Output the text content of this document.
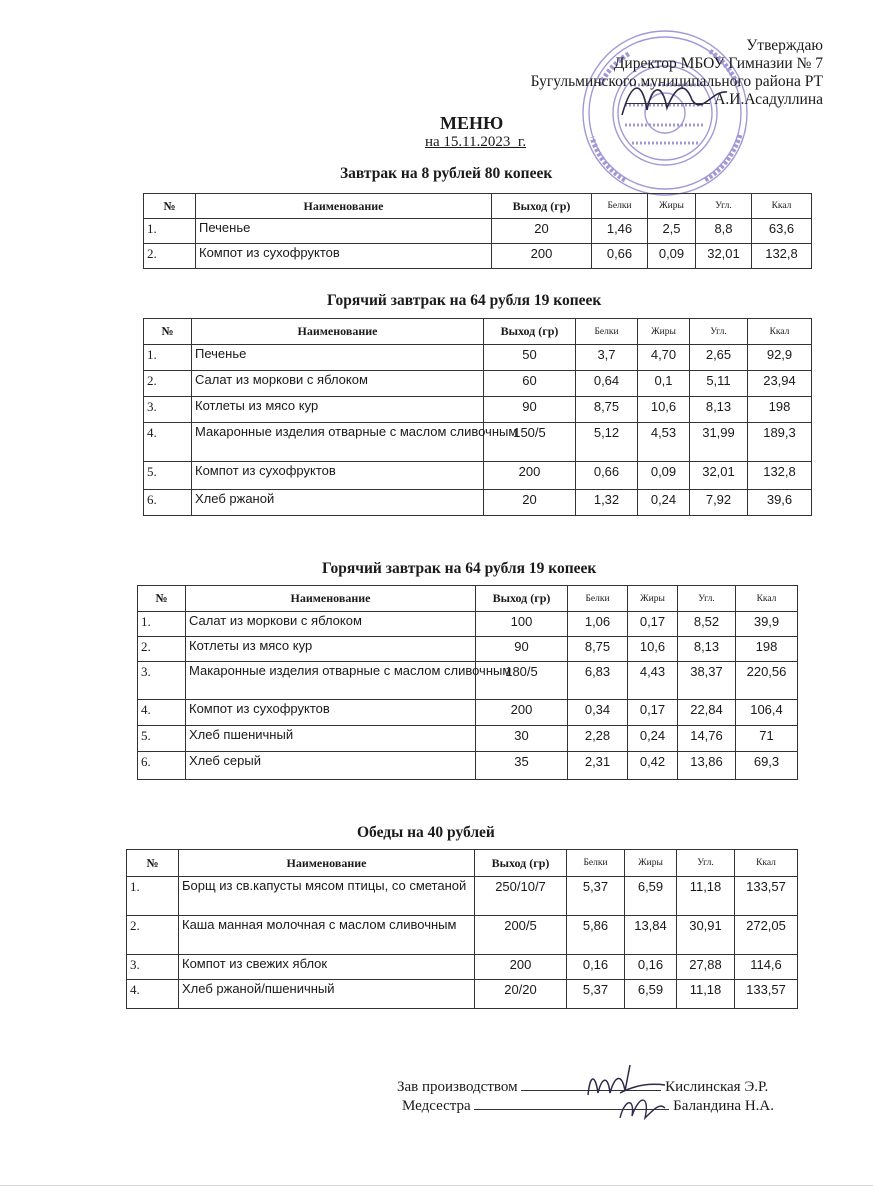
Утверждаю
Директор МБОУ Гимназии № 7
Бугульминского муниципального района РТ
А.И.Асадуллина
МЕНЮ
на 15.11.2023_г.
Завтрак на 8 рублей 80 копеек
№	Наименование	Выход (гр)	Белки	Жиры	Угл.	Ккал
1.	Печенье	20	1,46	2,5	8,8	63,6
2.	Компот из сухофруктов	200	0,66	0,09	32,01	132,8
Горячий завтрак на 64 рубля 19 копеек
№	Наименование	Выход (гр)	Белки	Жиры	Угл.	Ккал
1.	Печенье	50	3,7	4,70	2,65	92,9
2.	Салат из моркови с яблоком	60	0,64	0,1	5,11	23,94
3.	Котлеты из мясо кур	90	8,75	10,6	8,13	198
4.	Макаронные изделия отварные с маслом сливочным	150/5	5,12	4,53	31,99	189,3
5.	Компот из сухофруктов	200	0,66	0,09	32,01	132,8
6.	Хлеб ржаной	20	1,32	0,24	7,92	39,6
Горячий завтрак на 64 рубля 19 копеек
№	Наименование	Выход (гр)	Белки	Жиры	Угл.	Ккал
1.	Салат из моркови с яблоком	100	1,06	0,17	8,52	39,9
2.	Котлеты из мясо кур	90	8,75	10,6	8,13	198
3.	Макаронные изделия отварные с маслом сливочным	180/5	6,83	4,43	38,37	220,56
4.	Компот из сухофруктов	200	0,34	0,17	22,84	106,4
5.	Хлеб пшеничный	30	2,28	0,24	14,76	71
6.	Хлеб серый	35	2,31	0,42	13,86	69,3
Обеды на 40 рублей
№	Наименование	Выход (гр)	Белки	Жиры	Угл.	Ккал
1.	Борщ из св.капусты мясом птицы, со сметаной	250/10/7	5,37	6,59	11,18	133,57
2.	Каша манная молочная с маслом сливочным	200/5	5,86	13,84	30,91	272,05
3.	Компот из свежих яблок	200	0,16	0,16	27,88	114,6
4.	Хлеб ржаной/пшеничный	20/20	5,37	6,59	11,18	133,57
Зав производством	Кислинская Э.Р.
Медсестра	Баландина Н.А.
